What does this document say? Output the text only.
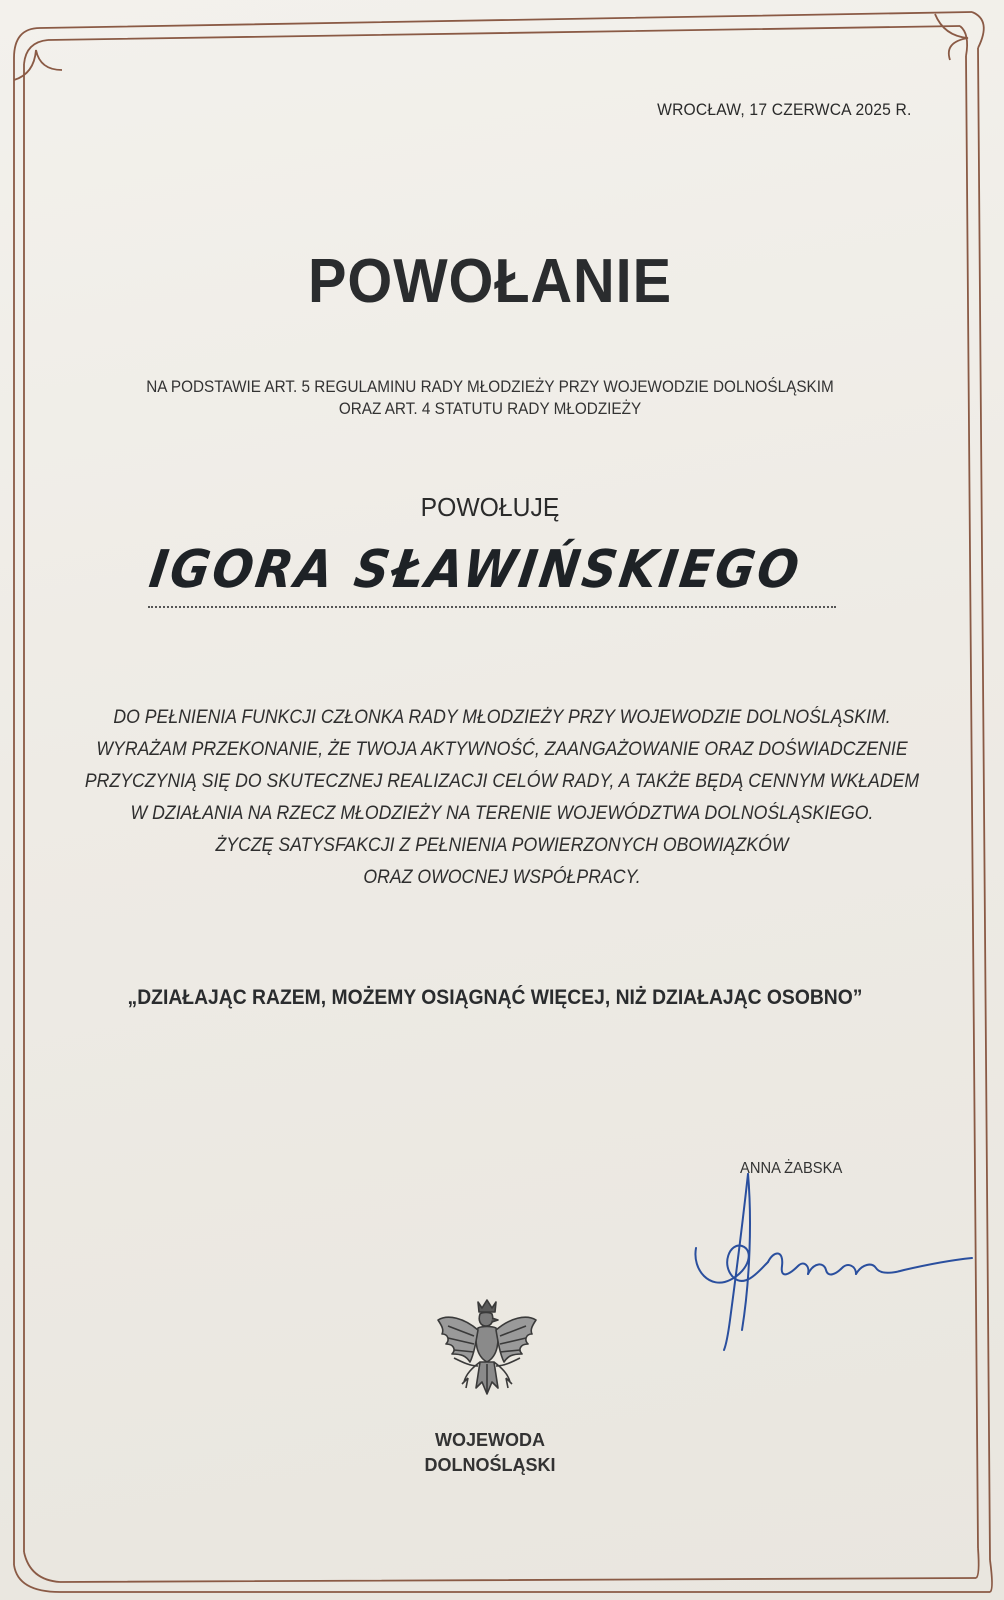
WROCŁAW, 17 CZERWCA 2025 R.
POWOŁANIE
NA PODSTAWIE ART. 5 REGULAMINU RADY MŁODZIEŻY PRZY WOJEWODZIE DOLNOŚLĄSKIM
ORAZ ART. 4 STATUTU RADY MŁODZIEŻY
POWOŁUJĘ
IGORA SŁAWIŃSKIEGO
DO PEŁNIENIA FUNKCJI CZŁONKA RADY MŁODZIEŻY PRZY WOJEWODZIE DOLNOŚLĄSKIM.
WYRAŻAM PRZEKONANIE, ŻE TWOJA AKTYWNOŚĆ, ZAANGAŻOWANIE ORAZ DOŚWIADCZENIE
PRZYCZYNIĄ SIĘ DO SKUTECZNEJ REALIZACJI CELÓW RADY, A TAKŻE BĘDĄ CENNYM WKŁADEM
W DZIAŁANIA NA RZECZ MŁODZIEŻY NA TERENIE WOJEWÓDZTWA DOLNOŚLĄSKIEGO.
ŻYCZĘ SATYSFAKCJI Z PEŁNIENIA POWIERZONYCH OBOWIĄZKÓW
ORAZ OWOCNEJ WSPÓŁPRACY.
„DZIAŁAJĄC RAZEM, MOŻEMY OSIĄGNĄĆ WIĘCEJ, NIŻ DZIAŁAJĄC OSOBNO”
ANNA ŻABSKA
WOJEWODA
DOLNOŚLĄSKI
